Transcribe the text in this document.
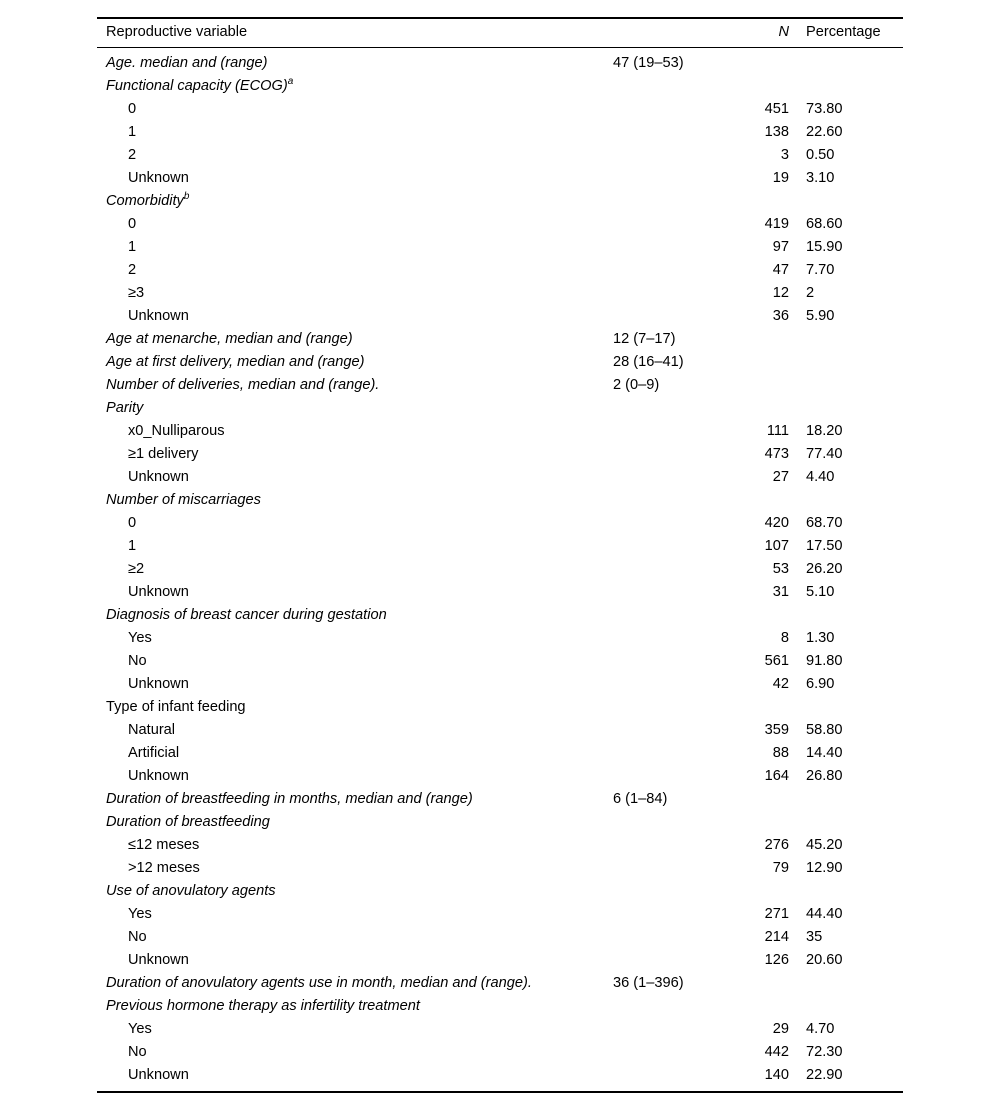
Reproductive variable		N	Percentage
Age. median and (range)	47 (19–53)		
Functional capacity (ECOG)$^a$			
0		451	73.80
1		138	22.60
2		3	0.50
Unknown		19	3.10
Comorbidity$^b$			
0		419	68.60
1		97	15.90
2		47	7.70
≥3		12	2
Unknown		36	5.90
Age at menarche, median and (range)	12 (7–17)		
Age at first delivery, median and (range)	28 (16–41)		
Number of deliveries, median and (range).	2 (0–9)		
Parity			
x0_Nulliparous		111	18.20
≥1 delivery		473	77.40
Unknown		27	4.40
Number of miscarriages			
0		420	68.70
1		107	17.50
≥2		53	26.20
Unknown		31	5.10
Diagnosis of breast cancer during gestation			
Yes		8	1.30
No		561	91.80
Unknown		42	6.90
Type of infant feeding			
Natural		359	58.80
Artificial		88	14.40
Unknown		164	26.80
Duration of breastfeeding in months, median and (range)	6 (1–84)		
Duration of breastfeeding			
≤12 meses		276	45.20
>12 meses		79	12.90
Use of anovulatory agents			
Yes		271	44.40
No		214	35
Unknown		126	20.60
Duration of anovulatory agents use in month, median and (range).	36 (1–396)		
Previous hormone therapy as infertility treatment			
Yes		29	4.70
No		442	72.30
Unknown		140	22.90
